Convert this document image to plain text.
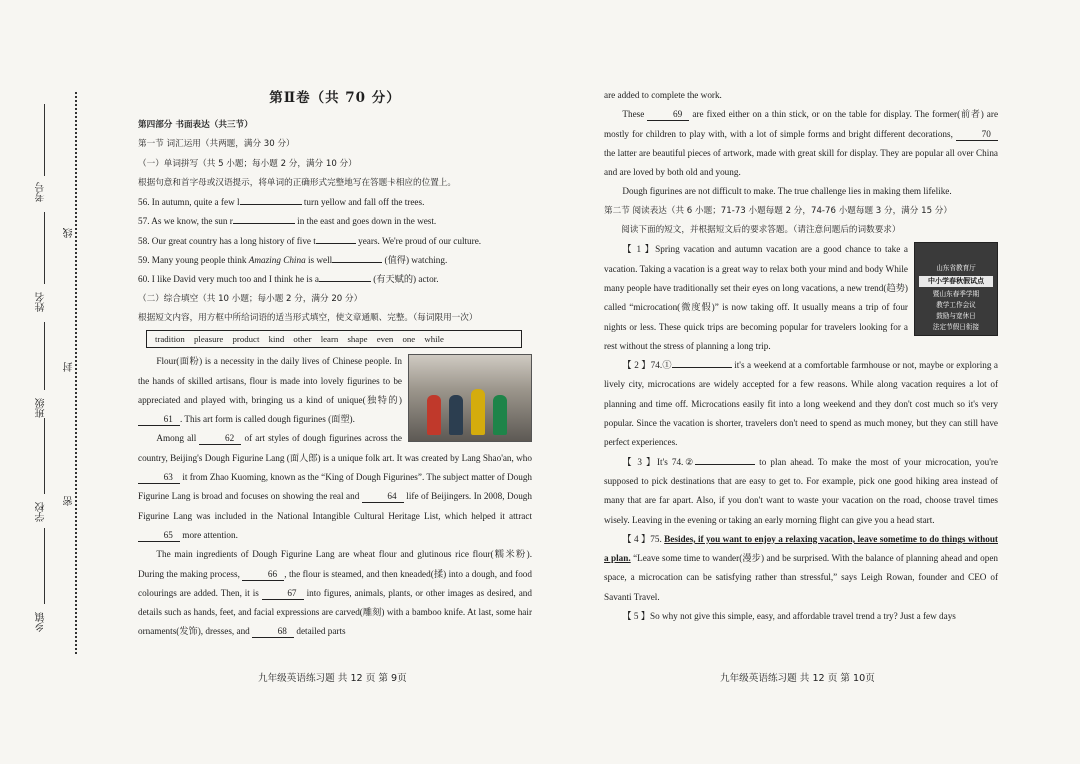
考号
姓名
班级
学校
乡镇
线
封
密
第Ⅱ卷（共 70 分）

第四部分 书面表达（共三节）

第一节 词汇运用（共两题，满分 30 分）

（一）单词拼写（共 5 小题；每小题 2 分，满分 10 分）

根据句意和首字母或汉语提示，将单词的正确形式完整地写在答题卡相应的位置上。

56. In autumn, quite a few l	turn yellow and fall off the trees.

57. As we know, the sun r	in the east and goes down in the west.

58. Our great country has a long history of five t	years. We're proud of our culture.

59. Many young people think Amazing China is well	(值得) watching.

60. I like David very much too and I think he is a	(有天赋的) actor.

（二）综合填空（共 10 小题；每小题 2 分，满分 20 分）

根据短文内容，用方框中所给词语的适当形式填空，使文章通顺、完整。（每词限用一次）

tradition pleasure product kind other learn shape even one while

Flour(面粉) is a necessity in the daily lives of Chinese people. In the hands of skilled artisans, flour is made into lovely figurines to be appreciated and played with, bringing us a kind of unique(独特的)61 . This art form is called dough figurines (面塑).

Among all	62 of art styles of dough figurines across the country, Beijing's Dough Figurine Lang (面人郎) is a unique folk art. It was created by Lang Shao'an, who 63 it from Zhao Kuoming, known as the “King of Dough Figurines”. The subject matter of Dough Figurine Lang is broad and focuses on showing the real and	64 life of Beijingers. In 2008, Dough Figurine Lang was included in the National Intangible Cultural Heritage List, which helped it attract 65 more attention.

The main ingredients of Dough Figurine Lang are wheat flour and glutinous rice flour(糯米粉). During the making process,	66 , the flour is steamed, and then kneaded(揉) into a dough, and food colourings are added. Then, it is	67 into figures, animals, plants, or other images as desired, and details such as hands, feet, and facial expressions are carved(雕刻) with a bamboo knife. At last, some hair ornaments(发饰), dresses, and	68 detailed parts

九年级英语练习题 共 12 页 第 9页

are added to complete the work.

These	69 are fixed either on a thin stick, or on the table for display. The former(前者) are mostly for children to play with, with a lot of simple forms and bright different decorations,	70 the latter are beautiful pieces of artwork, made with great skill for display. They are popular all over China and are loved by both old and young.

Dough figurines are not difficult to make. The true challenge lies in making them lifelike.

第二节 阅读表达（共 6 小题；71-73 小题每题 2 分，74-76 小题每题 3 分，满分 15 分）

阅读下面的短文，并根据短文后的要求答题。（请注意问题后的词数要求）

山东省教育厅
中小学春秋假试点
暨山东春季学期
教学工作会议
鼓励与宽休日
法定节假日衔接

【 1 】Spring vacation and autumn vacation are a good chance to take a vacation. Taking a vacation is a great way to relax both your mind and body While many people have traditionally set their eyes on long vacations, a new trend(趋势) called “microcation(微度假)” is now taking off. It usually means a trip of four nights or less. These quick trips are becoming popular for travelers looking for a rest without the stress of planning a long trip.

【 2 】74.①	it's a weekend at a comfortable farmhouse or not, maybe or exploring a lively city, microcations are widely accepted for a few reasons. While along vacation requires a lot of planning and time off. Microcations easily fit into a long weekend and they don't cost much so it's very popular. Since the vacation is shorter, travelers don't need to spend as much money, but they can still have perfect experiences.

【 3 】It's 74.②	to plan ahead. To make the most of your microcation, you're supposed to pick destinations that are easy to get to. For example, pick one good hiking area instead of many that are far apart. Also, if you don't want to waste your vacation on the road, choose travel times wisely. Leaving in the evening or taking an early morning flight can give you a head start.

【 4 】75. Besides, if you want to enjoy a relaxing vacation, leave sometime to do things without a plan. “Leave some time to wander(漫步) and be surprised. With the balance of planning ahead and open space, a microcation can be satisfying rather than stressful,” says Leigh Rowan, founder and CEO of Savanti Travel.

【 5 】So why not give this simple, easy, and affordable travel trend a try? Just a few days

九年级英语练习题 共 12 页 第 10页
